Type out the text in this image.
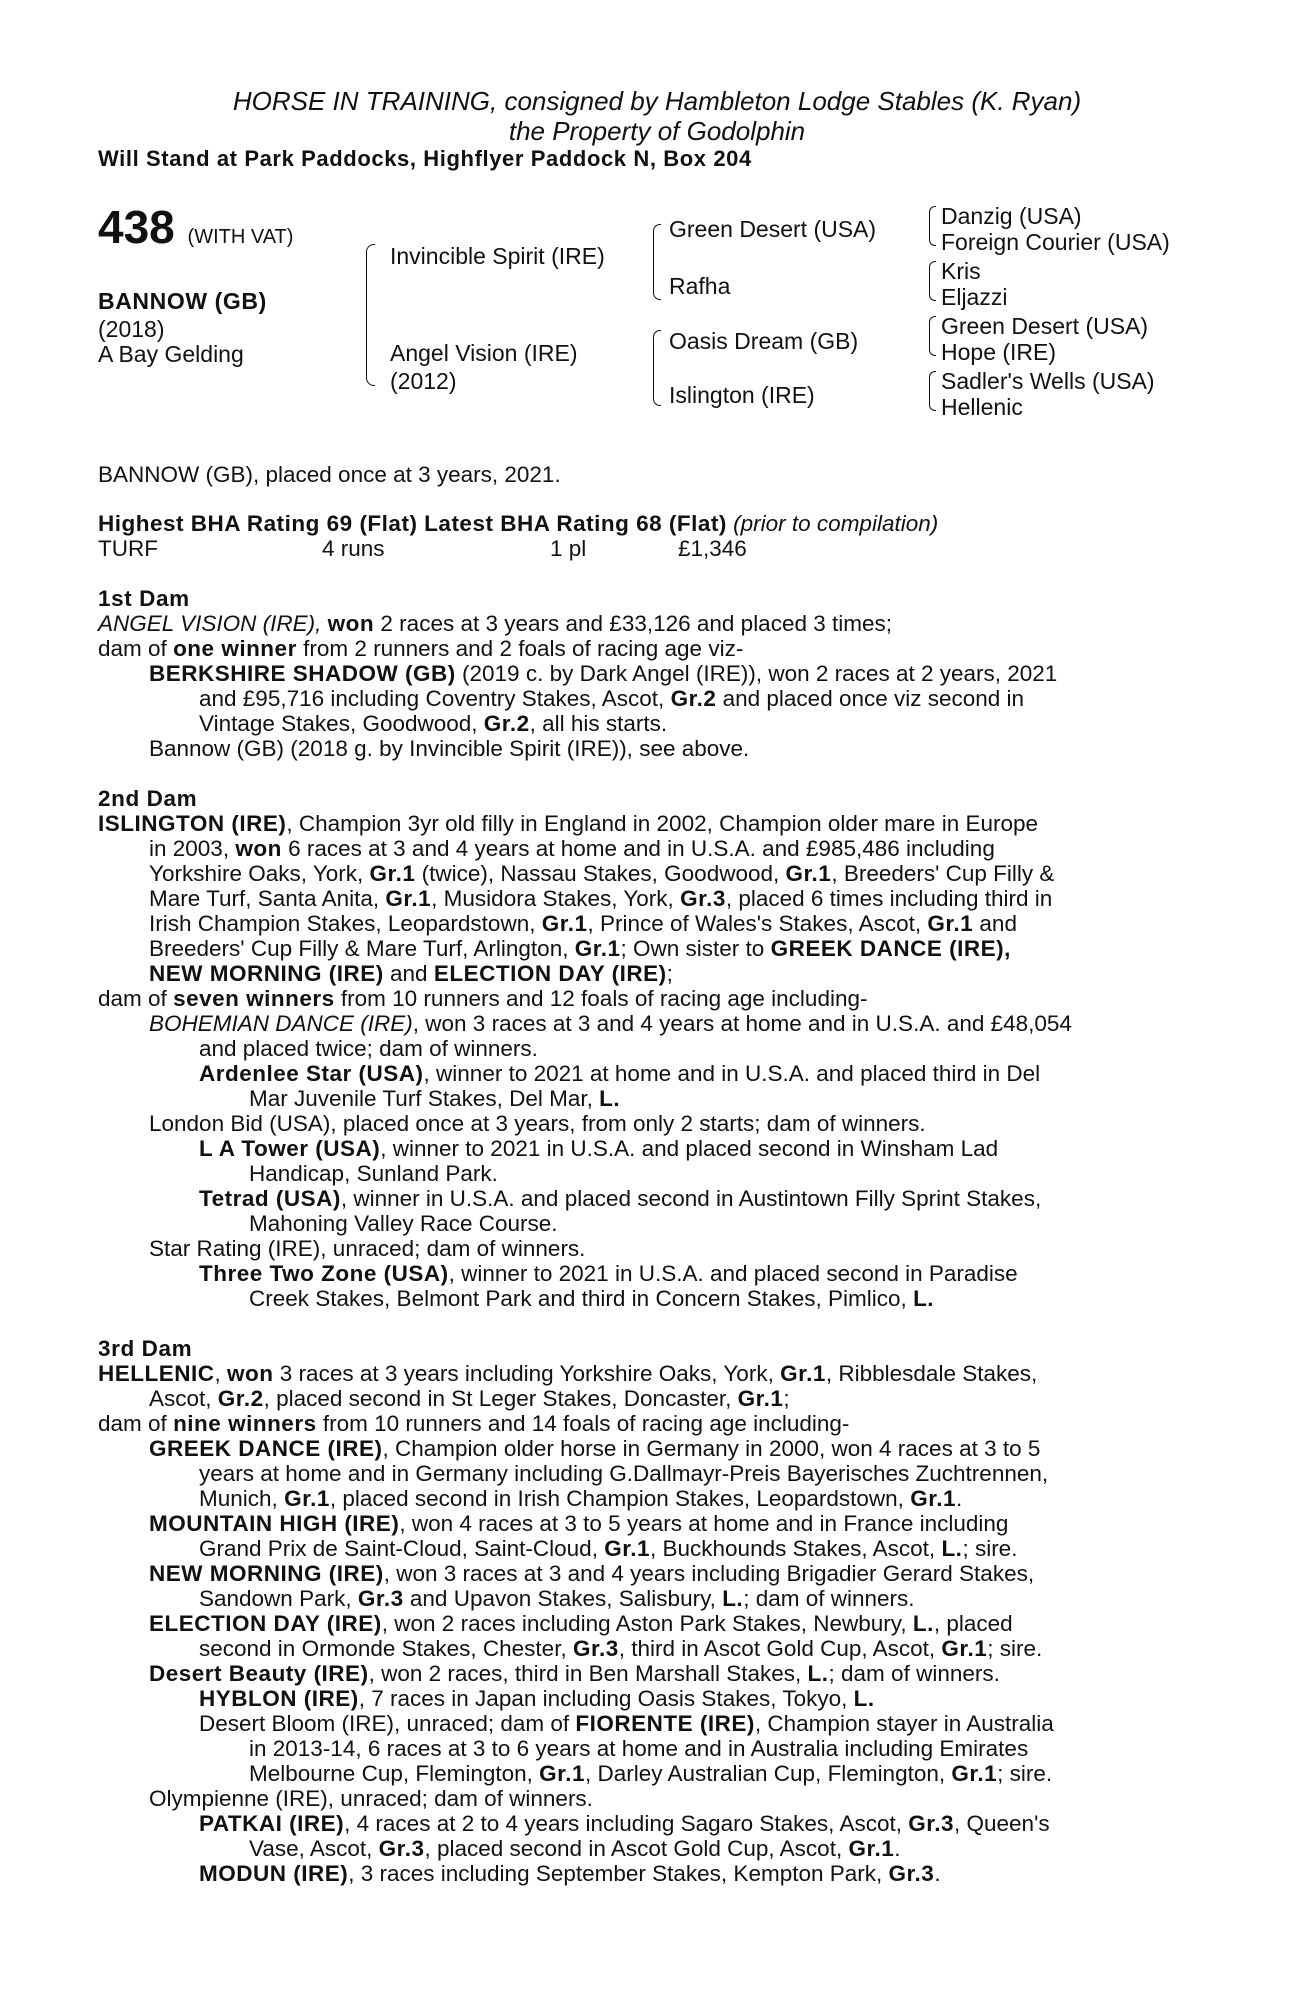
HORSE IN TRAINING, consigned by Hambleton Lodge Stables (K. Ryan)
the Property of Godolphin
Will Stand at Park Paddocks, Highflyer Paddock N, Box 204
438 (WITH VAT)
BANNOW (GB)
(2018)
A Bay Gelding
Invincible Spirit (IRE)
Angel Vision (IRE)
(2012)
Green Desert (USA)
Rafha
Oasis Dream (GB)
Islington (IRE)
Danzig (USA)
Foreign Courier (USA)
Kris
Eljazzi
Green Desert (USA)
Hope (IRE)
Sadler's Wells (USA)
Hellenic
BANNOW (GB), placed once at 3 years, 2021.
Highest BHA Rating 69 (Flat) Latest BHA Rating 68 (Flat) (prior to compilation)
TURF	4 runs	1 pl	£1,346
1st Dam
ANGEL VISION (IRE), won 2 races at 3 years and £33,126 and placed 3 times;
dam of one winner from 2 runners and 2 foals of racing age viz-
BERKSHIRE SHADOW (GB) (2019 c. by Dark Angel (IRE)), won 2 races at 2 years, 2021
and £95,716 including Coventry Stakes, Ascot, Gr.2 and placed once viz second in
Vintage Stakes, Goodwood, Gr.2, all his starts.
Bannow (GB) (2018 g. by Invincible Spirit (IRE)), see above.
2nd Dam
ISLINGTON (IRE), Champion 3yr old filly in England in 2002, Champion older mare in Europe
in 2003, won 6 races at 3 and 4 years at home and in U.S.A. and £985,486 including
Yorkshire Oaks, York, Gr.1 (twice), Nassau Stakes, Goodwood, Gr.1, Breeders' Cup Filly &
Mare Turf, Santa Anita, Gr.1, Musidora Stakes, York, Gr.3, placed 6 times including third in
Irish Champion Stakes, Leopardstown, Gr.1, Prince of Wales's Stakes, Ascot, Gr.1 and
Breeders' Cup Filly & Mare Turf, Arlington, Gr.1; Own sister to GREEK DANCE (IRE),
NEW MORNING (IRE) and ELECTION DAY (IRE);
dam of seven winners from 10 runners and 12 foals of racing age including-
BOHEMIAN DANCE (IRE), won 3 races at 3 and 4 years at home and in U.S.A. and £48,054
and placed twice; dam of winners.
Ardenlee Star (USA), winner to 2021 at home and in U.S.A. and placed third in Del
Mar Juvenile Turf Stakes, Del Mar, L.
London Bid (USA), placed once at 3 years, from only 2 starts; dam of winners.
L A Tower (USA), winner to 2021 in U.S.A. and placed second in Winsham Lad
Handicap, Sunland Park.
Tetrad (USA), winner in U.S.A. and placed second in Austintown Filly Sprint Stakes,
Mahoning Valley Race Course.
Star Rating (IRE), unraced; dam of winners.
Three Two Zone (USA), winner to 2021 in U.S.A. and placed second in Paradise
Creek Stakes, Belmont Park and third in Concern Stakes, Pimlico, L.
3rd Dam
HELLENIC, won 3 races at 3 years including Yorkshire Oaks, York, Gr.1, Ribblesdale Stakes,
Ascot, Gr.2, placed second in St Leger Stakes, Doncaster, Gr.1;
dam of nine winners from 10 runners and 14 foals of racing age including-
GREEK DANCE (IRE), Champion older horse in Germany in 2000, won 4 races at 3 to 5
years at home and in Germany including G.Dallmayr-Preis Bayerisches Zuchtrennen,
Munich, Gr.1, placed second in Irish Champion Stakes, Leopardstown, Gr.1.
MOUNTAIN HIGH (IRE), won 4 races at 3 to 5 years at home and in France including
Grand Prix de Saint-Cloud, Saint-Cloud, Gr.1, Buckhounds Stakes, Ascot, L.; sire.
NEW MORNING (IRE), won 3 races at 3 and 4 years including Brigadier Gerard Stakes,
Sandown Park, Gr.3 and Upavon Stakes, Salisbury, L.; dam of winners.
ELECTION DAY (IRE), won 2 races including Aston Park Stakes, Newbury, L., placed
second in Ormonde Stakes, Chester, Gr.3, third in Ascot Gold Cup, Ascot, Gr.1; sire.
Desert Beauty (IRE), won 2 races, third in Ben Marshall Stakes, L.; dam of winners.
HYBLON (IRE), 7 races in Japan including Oasis Stakes, Tokyo, L.
Desert Bloom (IRE), unraced; dam of FIORENTE (IRE), Champion stayer in Australia
in 2013-14, 6 races at 3 to 6 years at home and in Australia including Emirates
Melbourne Cup, Flemington, Gr.1, Darley Australian Cup, Flemington, Gr.1; sire.
Olympienne (IRE), unraced; dam of winners.
PATKAI (IRE), 4 races at 2 to 4 years including Sagaro Stakes, Ascot, Gr.3, Queen's
Vase, Ascot, Gr.3, placed second in Ascot Gold Cup, Ascot, Gr.1.
MODUN (IRE), 3 races including September Stakes, Kempton Park, Gr.3.
